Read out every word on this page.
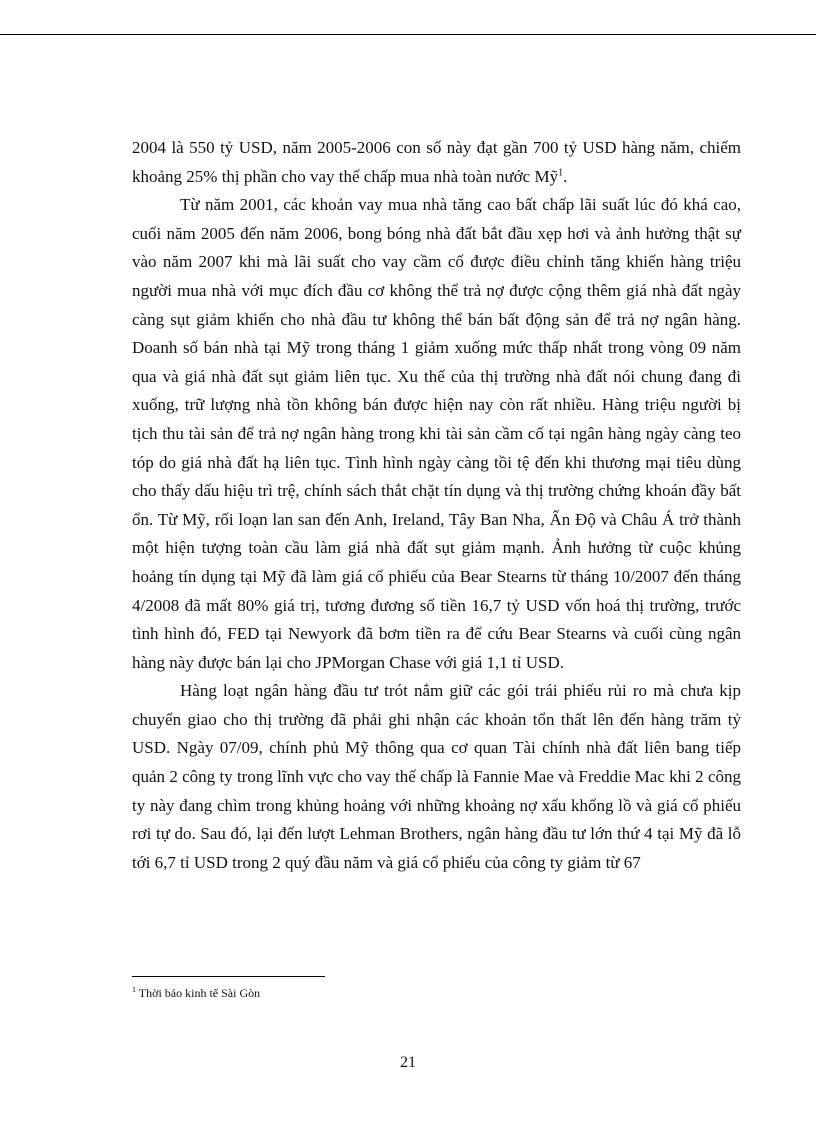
2004 là 550 tỷ USD, năm 2005-2006 con số này đạt gần 700 tỷ USD hàng năm, chiếm khoảng 25% thị phần cho vay thế chấp mua nhà toàn nước Mỹ$^1$.

Từ năm 2001, các khoản vay mua nhà tăng cao bất chấp lãi suất lúc đó khá cao, cuối năm 2005 đến năm 2006, bong bóng nhà đất bắt đầu xẹp hơi và ảnh hưởng thật sự vào năm 2007 khi mà lãi suất cho vay cầm cố được điều chỉnh tăng khiến hàng triệu người mua nhà với mục đích đầu cơ không thể trả nợ được cộng thêm giá nhà đất ngày càng sụt giảm khiến cho nhà đầu tư không thể bán bất động sản để trả nợ ngân hàng. Doanh số bán nhà tại Mỹ trong tháng 1 giảm xuống mức thấp nhất trong vòng 09 năm qua và giá nhà đất sụt giảm liên tục. Xu thế của thị trường nhà đất nói chung đang đi xuống, trữ lượng nhà tồn không bán được hiện nay còn rất nhiều. Hàng triệu người bị tịch thu tài sản để trả nợ ngân hàng trong khi tài sản cầm cố tại ngân hàng ngày càng teo tóp do giá nhà đất hạ liên tục. Tình hình ngày càng tồi tệ đến khi thương mại tiêu dùng cho thấy dấu hiệu trì trệ, chính sách thắt chặt tín dụng và thị trường chứng khoán đầy bất ổn. Từ Mỹ, rối loạn lan san đến Anh, Ireland, Tây Ban Nha, Ấn Độ và Châu Á trở thành một hiện tượng toàn cầu làm giá nhà đất sụt giảm mạnh. Ảnh hưởng từ cuộc khủng hoảng tín dụng tại Mỹ đã làm giá cổ phiếu của Bear Stearns từ tháng 10/2007 đến tháng 4/2008 đã mất 80% giá trị, tương đương số tiền 16,7 tỷ USD vốn hoá thị trường, trước tình hình đó, FED tại Newyork đã bơm tiền ra để cứu Bear Stearns và cuối cùng ngân hàng này được bán lại cho JPMorgan Chase với giá 1,1 tỉ USD.

Hàng loạt ngân hàng đầu tư trót nắm giữ các gói trái phiếu rủi ro mà chưa kịp chuyển giao cho thị trường đã phải ghi nhận các khoản tổn thất lên đến hàng trăm tỷ USD. Ngày 07/09, chính phủ Mỹ thông qua cơ quan Tài chính nhà đất liên bang tiếp quản 2 công ty trong lĩnh vực cho vay thế chấp là Fannie Mae và Freddie Mac khi 2 công ty này đang chìm trong khủng hoảng với những khoảng nợ xấu khổng lồ và giá cổ phiếu rơi tự do. Sau đó, lại đến lượt Lehman Brothers, ngân hàng đầu tư lớn thứ 4 tại Mỹ đã lỗ tới 6,7 tỉ USD trong 2 quý đầu năm và giá cổ phiếu của công ty giảm từ 67

$^1$ Thời báo kinh tế Sài Gòn
21
